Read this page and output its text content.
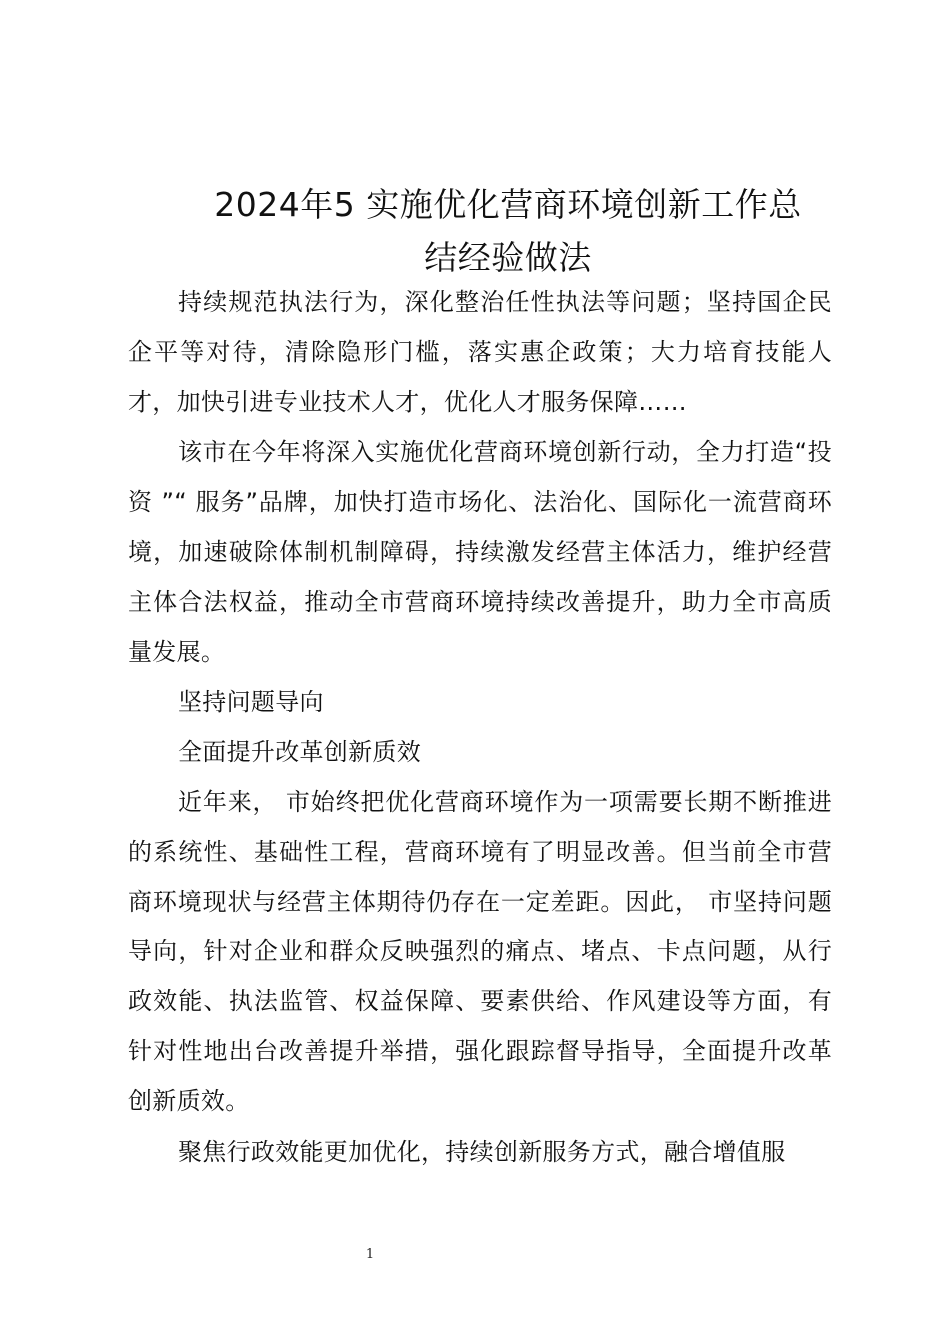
2024年5 实施优化营商环境创新工作总
结经验做法

持续规范执法行为，深化整治任性执法等问题；坚持国企民企平等对待，清除隐形门槛，落实惠企政策；大力培育技能人才，加快引进专业技术人才，优化人才服务保障……

该市在今年将深入实施优化营商环境创新行动，全力打造“投资 ”“ 服务”品牌，加快打造市场化、法治化、国际化一流营商环境，加速破除体制机制障碍，持续激发经营主体活力，维护经营主体合法权益，推动全市营商环境持续改善提升，助力全市高质量发展。

坚持问题导向

全面提升改革创新质效

近年来， 市始终把优化营商环境作为一项需要长期不断推进的系统性、基础性工程，营商环境有了明显改善。但当前全市营商环境现状与经营主体期待仍存在一定差距。因此， 市坚持问题导向，针对企业和群众反映强烈的痛点、堵点、卡点问题，从行政效能、执法监管、权益保障、要素供给、作风建设等方面，有针对性地出台改善提升举措，强化跟踪督导指导，全面提升改革创新质效。

聚焦行政效能更加优化，持续创新服务方式，融合增值服

1
